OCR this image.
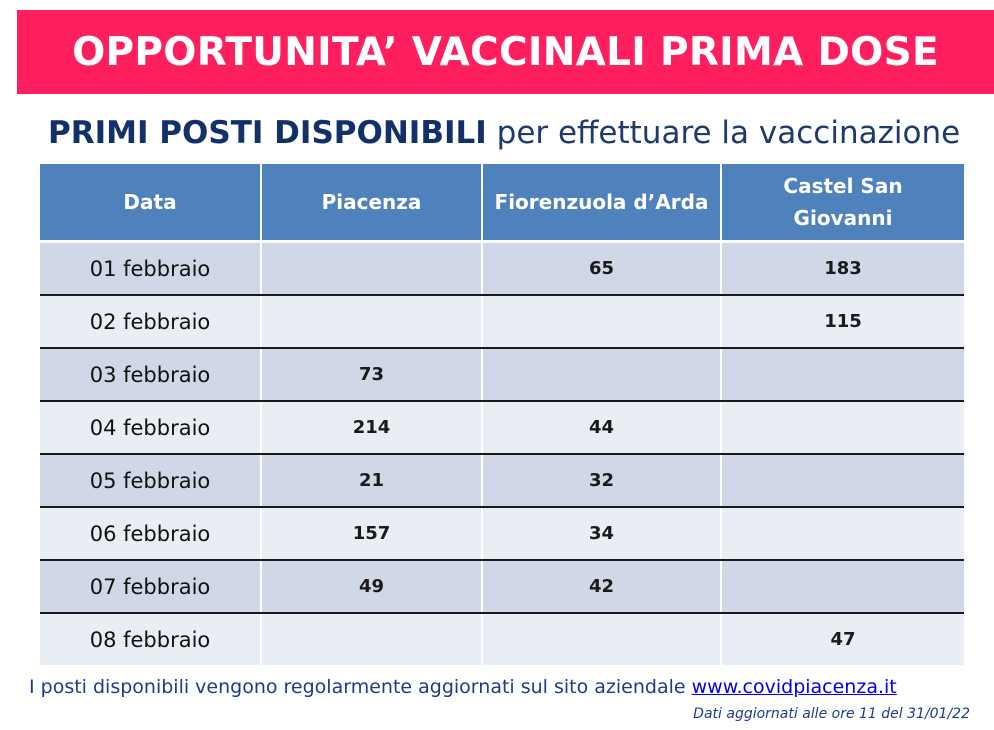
OPPORTUNITA’ VACCINALI PRIMA DOSE
PRIMI POSTI DISPONIBILI per effettuare la vaccinazione
Data	Piacenza	Fiorenzuola d’Arda	Castel San Giovanni
01 febbraio		65	183
02 febbraio			115
03 febbraio	73		
04 febbraio	214	44	
05 febbraio	21	32	
06 febbraio	157	34	
07 febbraio	49	42	
08 febbraio			47
I posti disponibili vengono regolarmente aggiornati sul sito aziendale www.covidpiacenza.it
Dati aggiornati alle ore 11 del 31/01/22
